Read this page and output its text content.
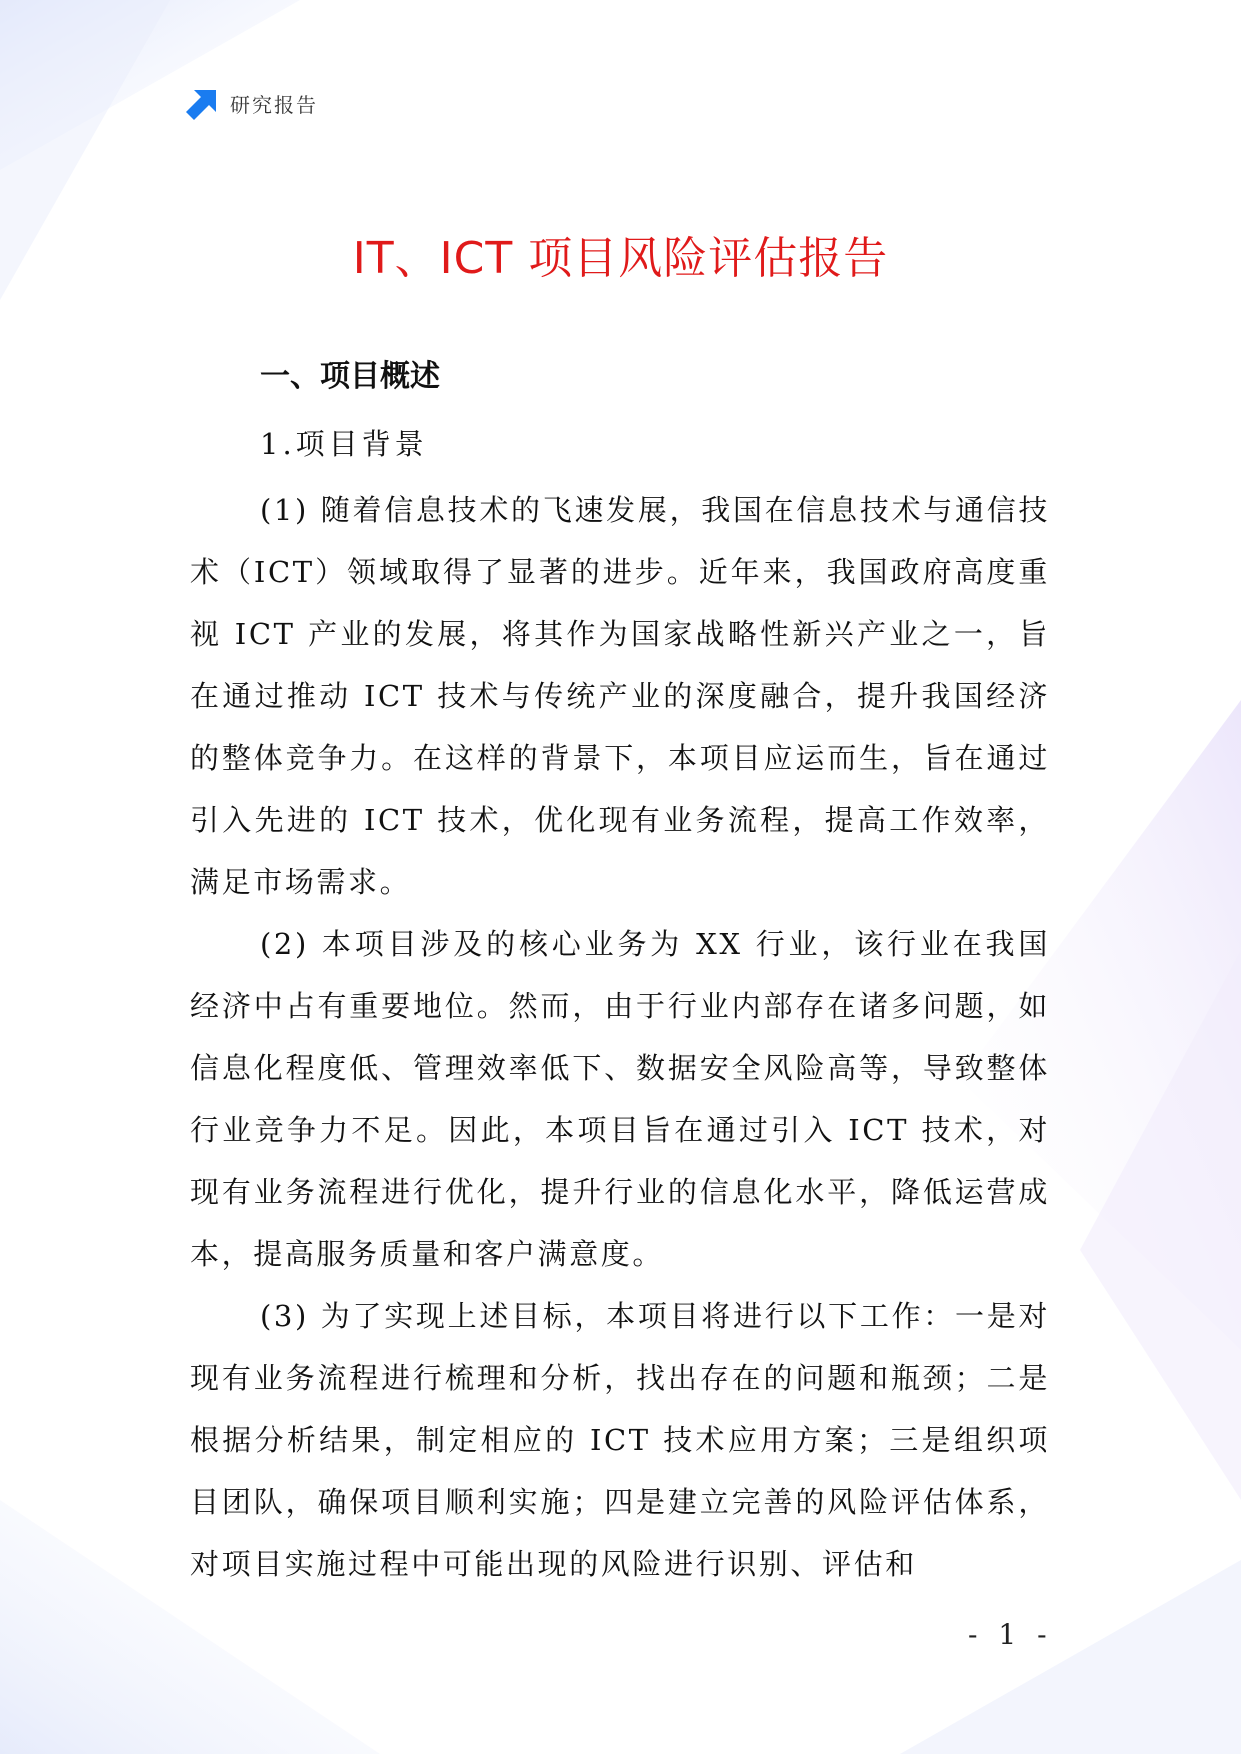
研究报告
IT、ICT 项目风险评估报告
一、项目概述
1.项目背景

(1) 随着信息技术的飞速发展，我国在信息技术与通信技术（ICT）领域取得了显著的进步。近年来，我国政府高度重视 ICT 产业的发展，将其作为国家战略性新兴产业之一，旨在通过推动 ICT 技术与传统产业的深度融合，提升我国经济的整体竞争力。在这样的背景下，本项目应运而生，旨在通过引入先进的 ICT 技术，优化现有业务流程，提高工作效率，满足市场需求。

(2) 本项目涉及的核心业务为 XX 行业，该行业在我国经济中占有重要地位。然而，由于行业内部存在诸多问题，如信息化程度低、管理效率低下、数据安全风险高等，导致整体行业竞争力不足。因此，本项目旨在通过引入 ICT 技术，对现有业务流程进行优化，提升行业的信息化水平，降低运营成本，提高服务质量和客户满意度。

(3) 为了实现上述目标，本项目将进行以下工作：一是对现有业务流程进行梳理和分析，找出存在的问题和瓶颈；二是根据分析结果，制定相应的 ICT 技术应用方案；三是组织项目团队，确保项目顺利实施；四是建立完善的风险评估体系，对项目实施过程中可能出现的风险进行识别、评估和

- 1 -
